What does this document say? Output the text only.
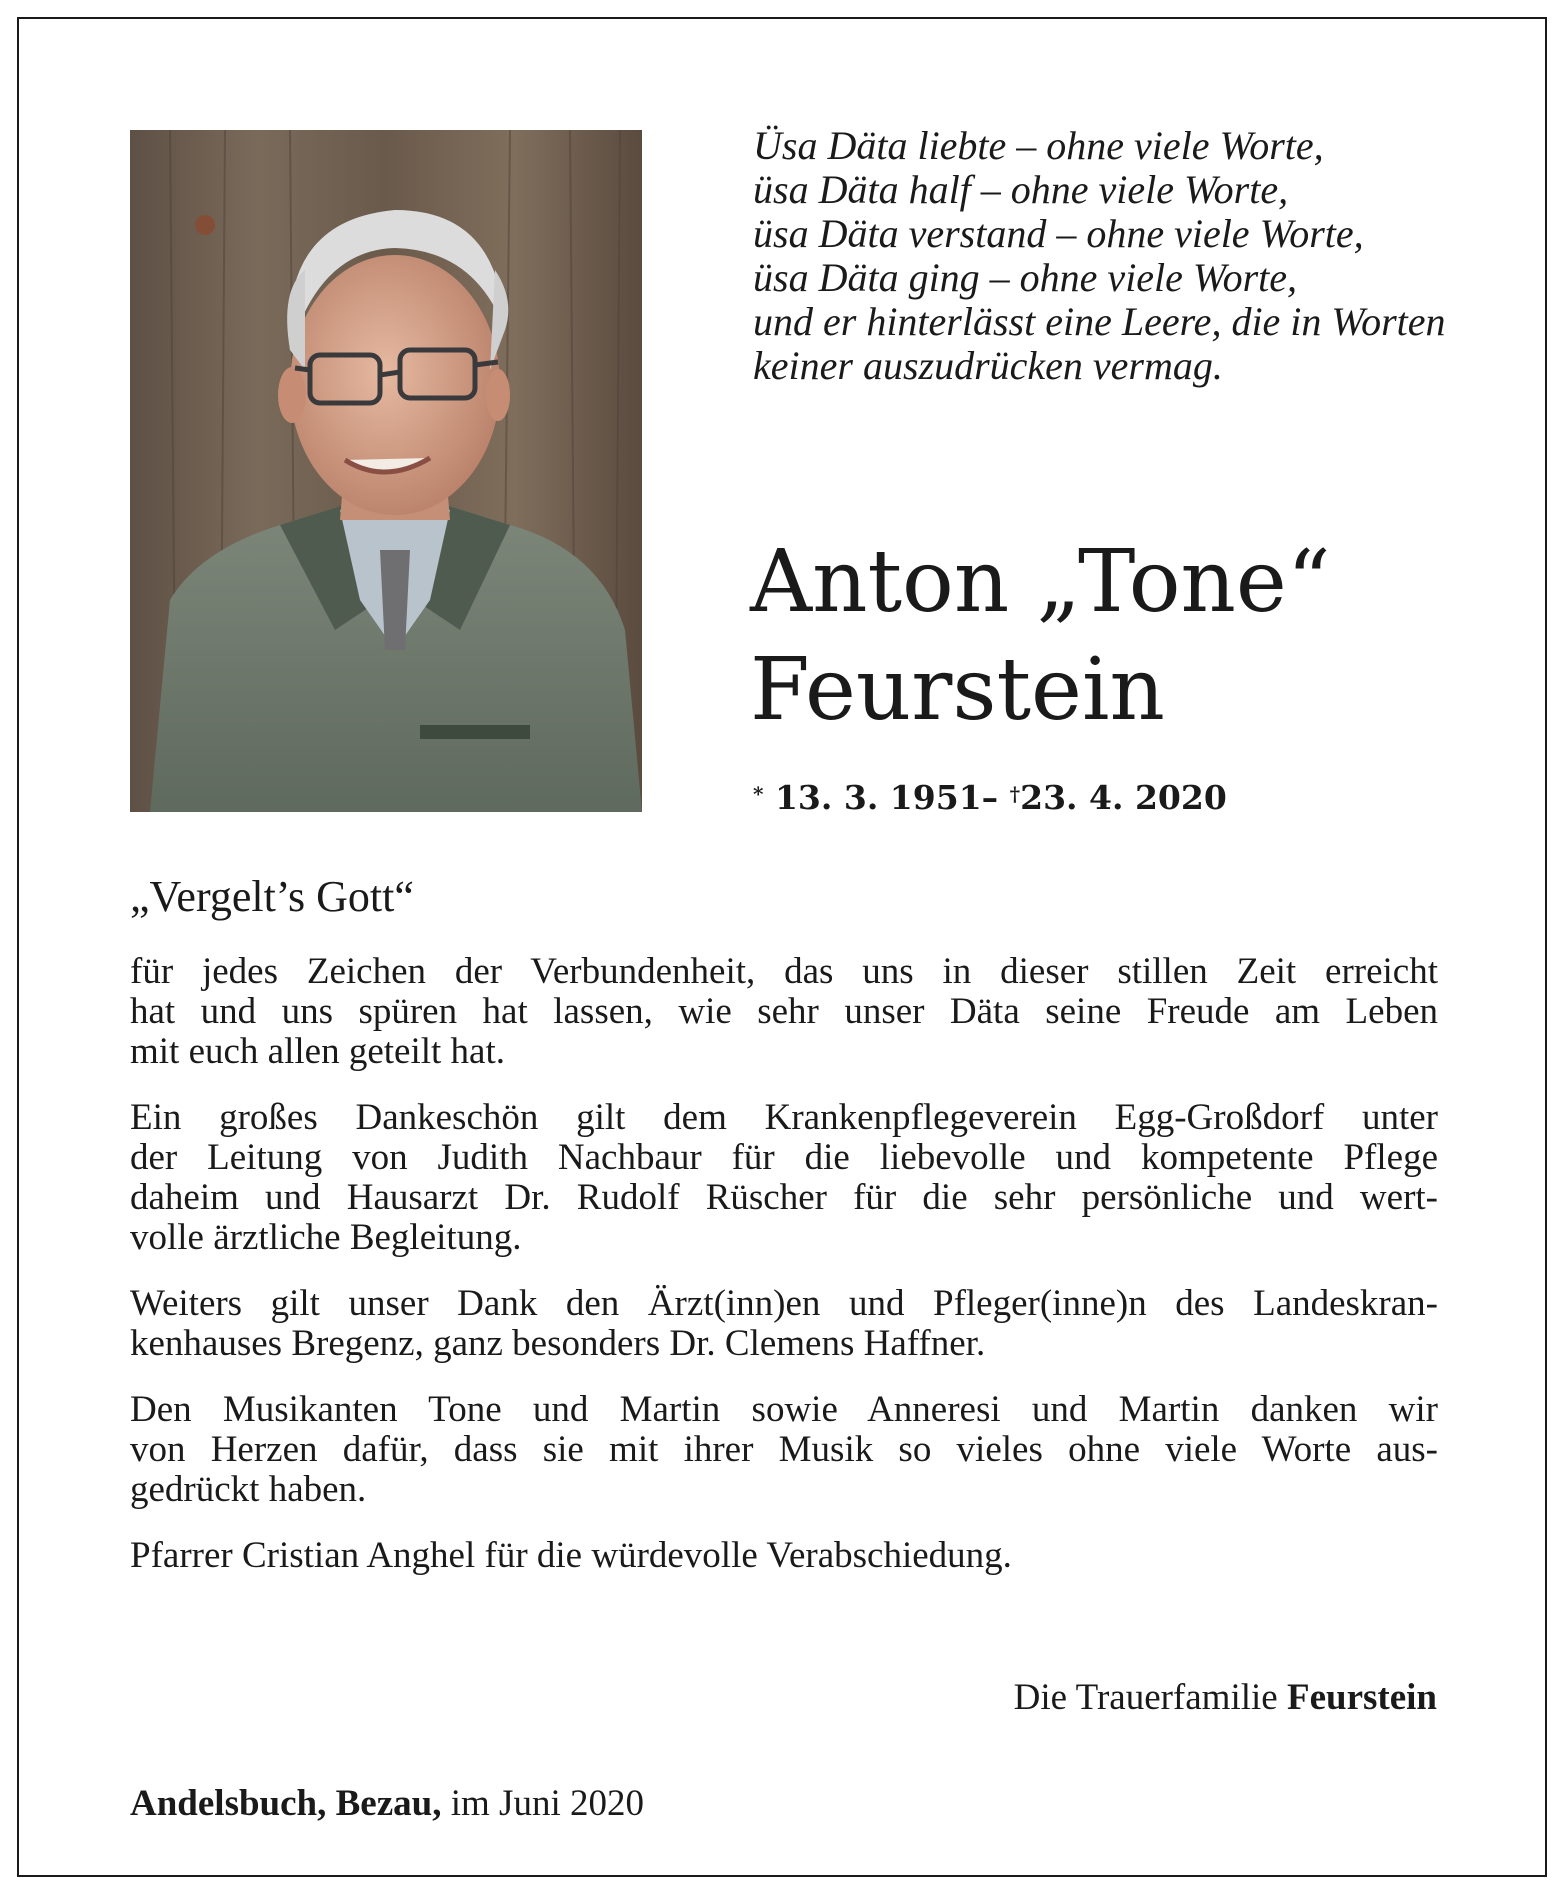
Üsa Däta liebte – ohne viele Worte,
üsa Däta half – ohne viele Worte,
üsa Däta verstand – ohne viele Worte,
üsa Däta ging – ohne viele Worte,
und er hinterlässt eine Leere, die in Worten
keiner auszudrücken vermag.
Anton „Tone“
Feurstein
* 13. 3. 1951– †23. 4. 2020
„Vergelt’s Gott“

für jedes Zeichen der Verbundenheit, das uns in dieser stillen Zeit erreicht
hat und uns spüren hat lassen, wie sehr unser Däta seine Freude am Leben
mit euch allen geteilt hat.

Ein großes Dankeschön gilt dem Krankenpflegeverein Egg-Großdorf unter
der Leitung von Judith Nachbaur für die liebevolle und kompetente Pflege
daheim und Hausarzt Dr. Rudolf Rüscher für die sehr persönliche und wert-
volle ärztliche Begleitung.

Weiters gilt unser Dank den Ärzt(inn)en und Pfleger(inne)n des Landeskran-
kenhauses Bregenz, ganz besonders Dr. Clemens Haffner.

Den Musikanten Tone und Martin sowie Anneresi und Martin danken wir
von Herzen dafür, dass sie mit ihrer Musik so vieles ohne viele Worte aus-
gedrückt haben.

Pfarrer Cristian Anghel für die würdevolle Verabschiedung.

Die Trauerfamilie Feurstein
Andelsbuch, Bezau, im Juni 2020
